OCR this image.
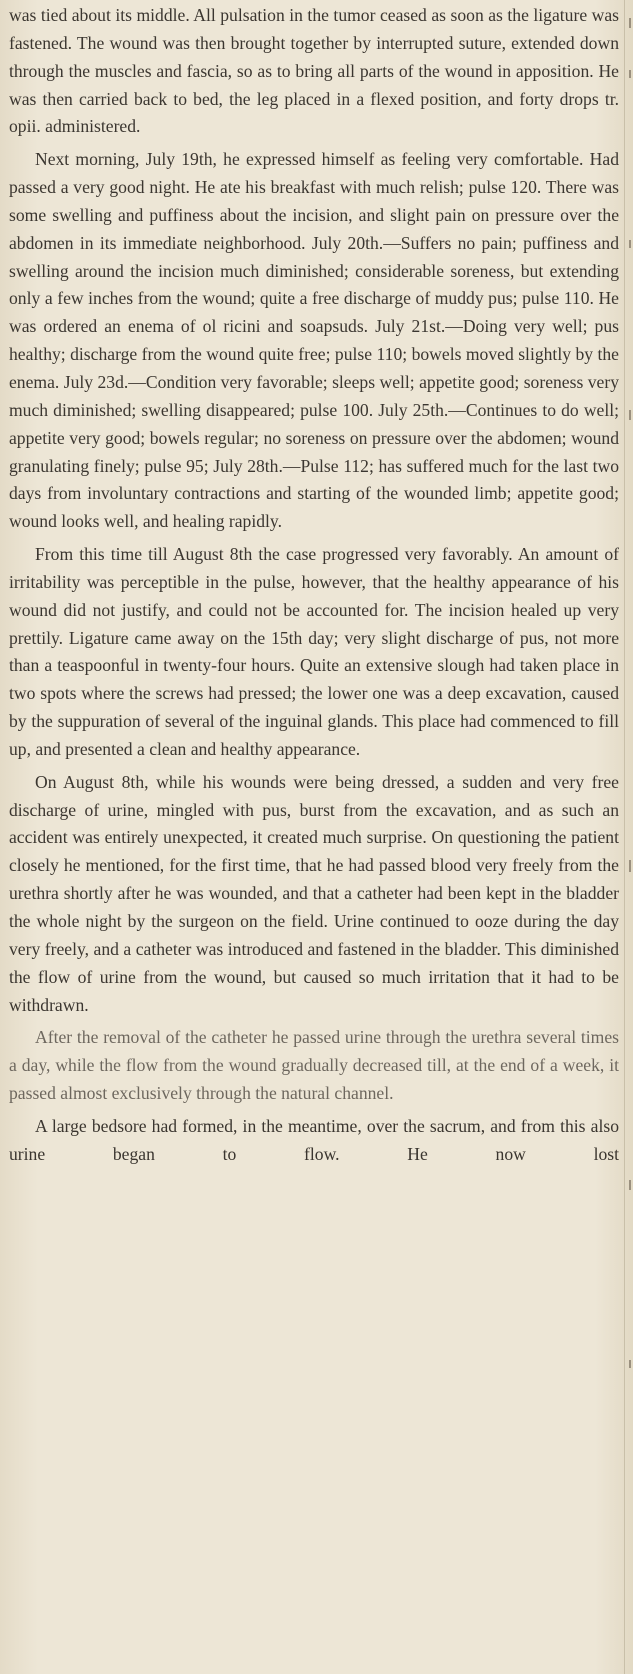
was tied about its middle. All pulsation in the tumor ceased as soon as the ligature was fastened. The wound was then brought together by interrupted suture, extended down through the muscles and fascia, so as to bring all parts of the wound in apposition. He was then carried back to bed, the leg placed in a flexed position, and forty drops tr. opii. administered.

Next morning, July 19th, he expressed himself as feeling very comfortable. Had passed a very good night. He ate his breakfast with much relish; pulse 120. There was some swelling and puffiness about the incision, and slight pain on pressure over the abdomen in its immediate neighborhood. July 20th.—Suffers no pain; puffiness and swelling around the incision much diminished; considerable soreness, but extending only a few inches from the wound; quite a free discharge of muddy pus; pulse 110. He was ordered an enema of ol ricini and soapsuds. July 21st.—Doing very well; pus healthy; discharge from the wound quite free; pulse 110; bowels moved slightly by the enema. July 23d.—Condition very favorable; sleeps well; appetite good; soreness very much diminished; swelling disappeared; pulse 100. July 25th.—Continues to do well; appetite very good; bowels regular; no soreness on pressure over the abdomen; wound granulating finely; pulse 95; July 28th.—Pulse 112; has suffered much for the last two days from involuntary contractions and starting of the wounded limb; appetite good; wound looks well, and healing rapidly.

From this time till August 8th the case progressed very favorably. An amount of irritability was perceptible in the pulse, however, that the healthy appearance of his wound did not justify, and could not be accounted for. The incision healed up very prettily. Ligature came away on the 15th day; very slight discharge of pus, not more than a teaspoonful in twenty-four hours. Quite an extensive slough had taken place in two spots where the screws had pressed; the lower one was a deep excavation, caused by the suppuration of several of the inguinal glands. This place had commenced to fill up, and presented a clean and healthy appearance.

On August 8th, while his wounds were being dressed, a sudden and very free discharge of urine, mingled with pus, burst from the excavation, and as such an accident was entirely unexpected, it created much surprise. On questioning the patient closely he mentioned, for the first time, that he had passed blood very freely from the urethra shortly after he was wounded, and that a catheter had been kept in the bladder the whole night by the surgeon on the field. Urine continued to ooze during the day very freely, and a catheter was introduced and fastened in the bladder. This diminished the flow of urine from the wound, but caused so much irritation that it had to be withdrawn.

After the removal of the catheter he passed urine through the urethra several times a day, while the flow from the wound gradually decreased till, at the end of a week, it passed almost exclusively through the natural channel.

A large bedsore had formed, in the meantime, over the sacrum, and from this also urine began to flow. He now lost
